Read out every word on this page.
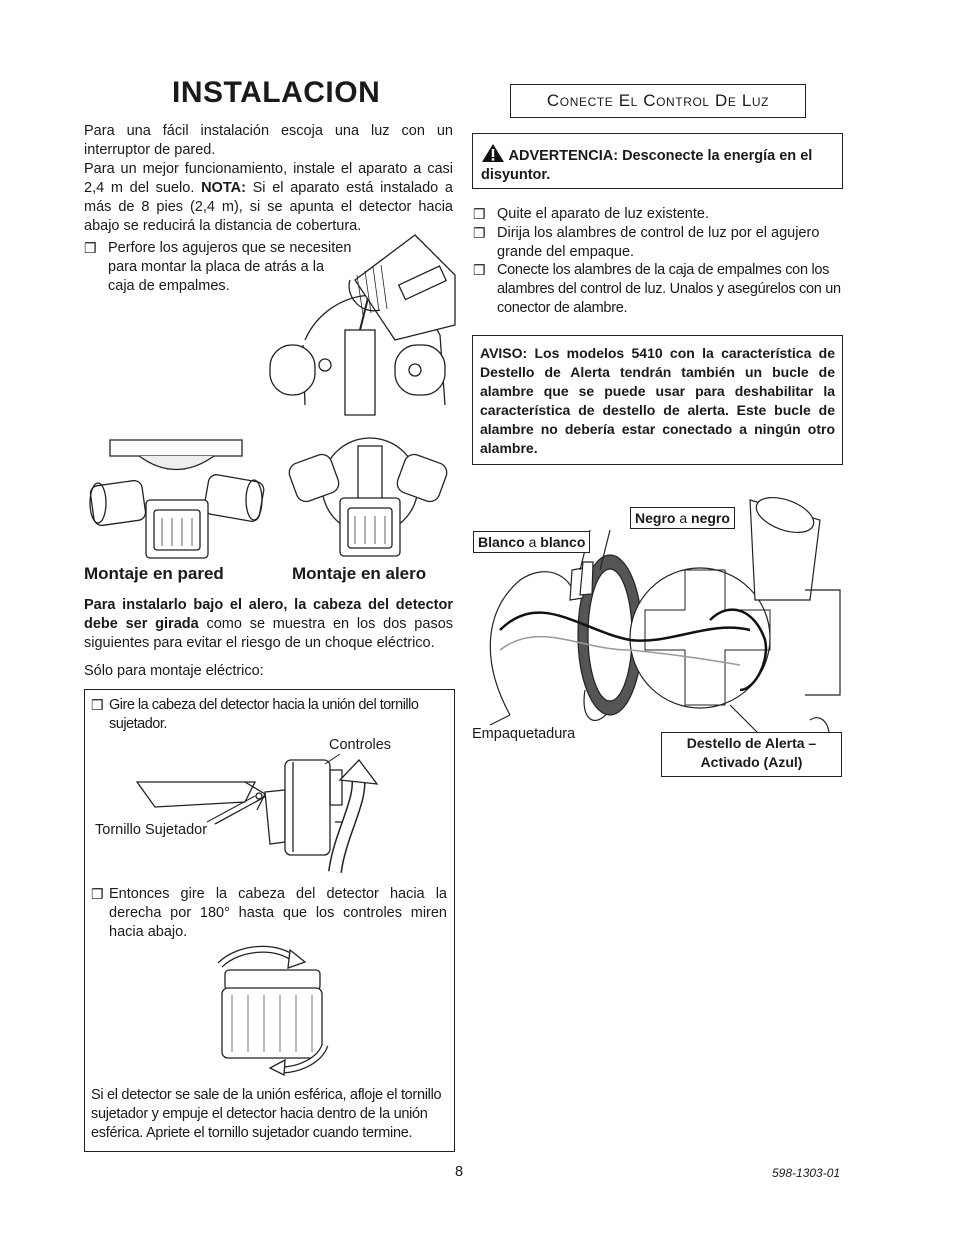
INSTALACION	Conecte El Control De Luz

Para una fácil instalación escoja una luz con un interruptor de pared.

Para un mejor funcionamiento, instale el aparato a casi 2,4 m del suelo. NOTA: Si el aparato está instalado a más de 8 pies (2,4 m), si se apunta el detector hacia abajo se reducirá la distancia de cobertura.

❒ Perfore los agujeros que se necesiten para montar la placa de atrás a la caja de empalmes.
Montaje en pared	Montaje en alero

Para instalarlo bajo el alero, la cabeza del detector debe ser girada como se muestra en los dos pasos siguientes para evitar el riesgo de un choque eléctrico.

Sólo para montaje eléctrico:

❒ Gire la cabeza del detector hacia la unión del tornillo sujetador.
Controles
Tornillo Sujetador
❒ Entonces gire la cabeza del detector hacia la derecha por 180° hasta que los controles miren hacia abajo.

Si el detector se sale de la unión esférica, afloje el tornillo sujetador y empuje el detector hacia dentro de la unión esférica. Apriete el tornillo sujetador cuando termine.

ADVERTENCIA: Desconecte la energía en el disyuntor.
❒ Quite el aparato de luz existente.
❒ Dirija los alambres de control de luz por el agujero grande del empaque.
❒ Conecte los alambres de la caja de empalmes con los alambres del control de luz. Unalos y asegúrelos con un conector de alambre.

AVISO: Los modelos 5410 con la característica de Destello de Alerta tendrán también un bucle de alambre que se puede usar para deshabilitar la característica de destello de alerta. Este bucle de alambre no debería estar conectado a ningún otro alambre.

Negro a negro
Blanco a blanco
Empaquetadura
Destello de Alerta – Activado (Azul)
8	598-1303-01
